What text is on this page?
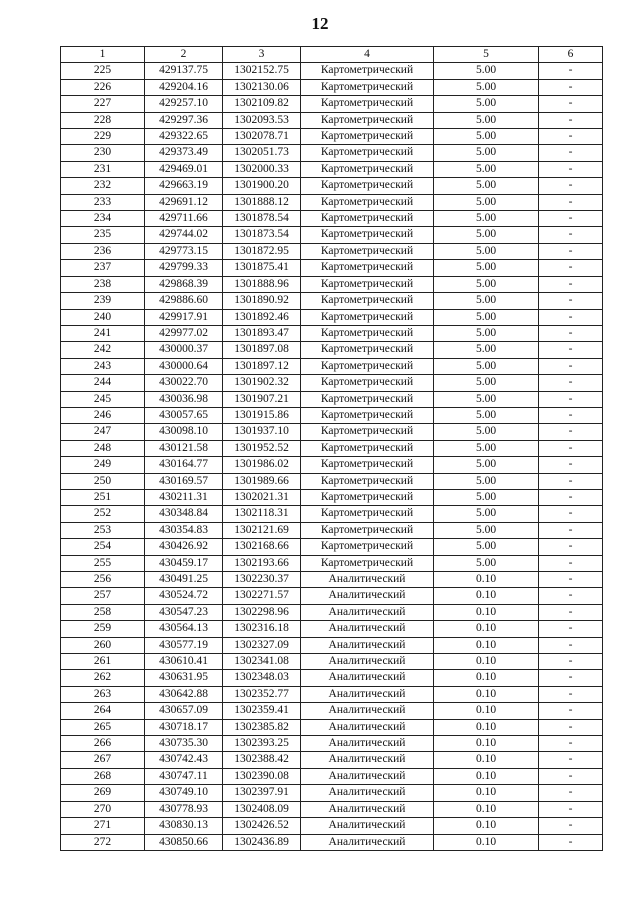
12
1	2	3	4	5	6
225	429137.75	1302152.75	Картометрический	5.00	-
226	429204.16	1302130.06	Картометрический	5.00	-
227	429257.10	1302109.82	Картометрический	5.00	-
228	429297.36	1302093.53	Картометрический	5.00	-
229	429322.65	1302078.71	Картометрический	5.00	-
230	429373.49	1302051.73	Картометрический	5.00	-
231	429469.01	1302000.33	Картометрический	5.00	-
232	429663.19	1301900.20	Картометрический	5.00	-
233	429691.12	1301888.12	Картометрический	5.00	-
234	429711.66	1301878.54	Картометрический	5.00	-
235	429744.02	1301873.54	Картометрический	5.00	-
236	429773.15	1301872.95	Картометрический	5.00	-
237	429799.33	1301875.41	Картометрический	5.00	-
238	429868.39	1301888.96	Картометрический	5.00	-
239	429886.60	1301890.92	Картометрический	5.00	-
240	429917.91	1301892.46	Картометрический	5.00	-
241	429977.02	1301893.47	Картометрический	5.00	-
242	430000.37	1301897.08	Картометрический	5.00	-
243	430000.64	1301897.12	Картометрический	5.00	-
244	430022.70	1301902.32	Картометрический	5.00	-
245	430036.98	1301907.21	Картометрический	5.00	-
246	430057.65	1301915.86	Картометрический	5.00	-
247	430098.10	1301937.10	Картометрический	5.00	-
248	430121.58	1301952.52	Картометрический	5.00	-
249	430164.77	1301986.02	Картометрический	5.00	-
250	430169.57	1301989.66	Картометрический	5.00	-
251	430211.31	1302021.31	Картометрический	5.00	-
252	430348.84	1302118.31	Картометрический	5.00	-
253	430354.83	1302121.69	Картометрический	5.00	-
254	430426.92	1302168.66	Картометрический	5.00	-
255	430459.17	1302193.66	Картометрический	5.00	-
256	430491.25	1302230.37	Аналитический	0.10	-
257	430524.72	1302271.57	Аналитический	0.10	-
258	430547.23	1302298.96	Аналитический	0.10	-
259	430564.13	1302316.18	Аналитический	0.10	-
260	430577.19	1302327.09	Аналитический	0.10	-
261	430610.41	1302341.08	Аналитический	0.10	-
262	430631.95	1302348.03	Аналитический	0.10	-
263	430642.88	1302352.77	Аналитический	0.10	-
264	430657.09	1302359.41	Аналитический	0.10	-
265	430718.17	1302385.82	Аналитический	0.10	-
266	430735.30	1302393.25	Аналитический	0.10	-
267	430742.43	1302388.42	Аналитический	0.10	-
268	430747.11	1302390.08	Аналитический	0.10	-
269	430749.10	1302397.91	Аналитический	0.10	-
270	430778.93	1302408.09	Аналитический	0.10	-
271	430830.13	1302426.52	Аналитический	0.10	-
272	430850.66	1302436.89	Аналитический	0.10	-
